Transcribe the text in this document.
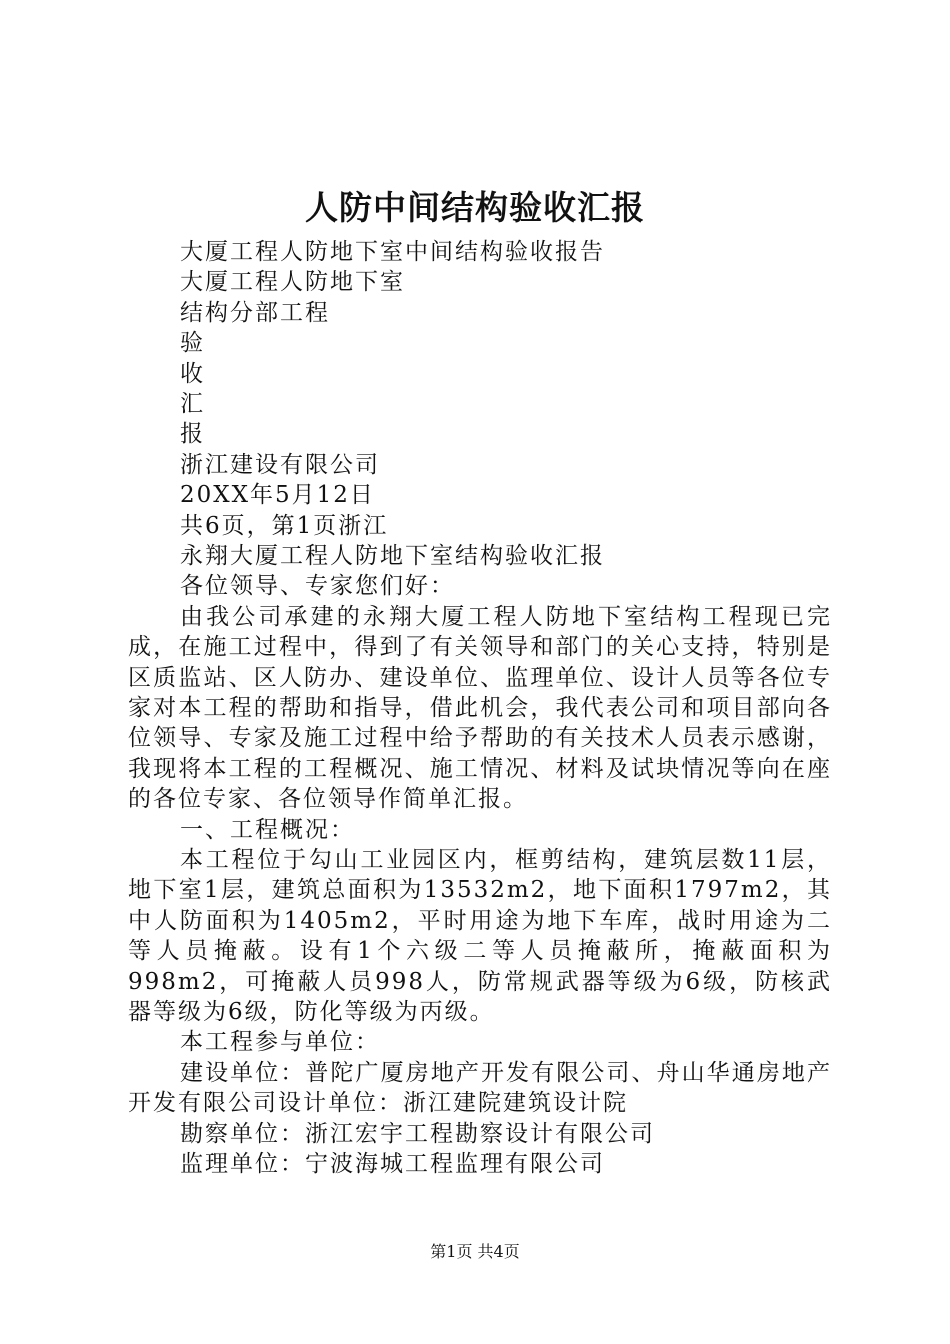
人防中间结构验收汇报
大厦工程人防地下室中间结构验收报告
大厦工程人防地下室
结构分部工程
验
收
汇
报
浙江建设有限公司
20XX年5月12日
共6页，第1页浙江
永翔大厦工程人防地下室结构验收汇报
各位领导、专家您们好：
由我公司承建的永翔大厦工程人防地下室结构工程现已完成，在施工过程中，得到了有关领导和部门的关心支持，特别是区质监站、区人防办、建设单位、监理单位、设计人员等各位专家对本工程的帮助和指导，借此机会，我代表公司和项目部向各位领导、专家及施工过程中给予帮助的有关技术人员表示感谢，我现将本工程的工程概况、施工情况、材料及试块情况等向在座的各位专家、各位领导作简单汇报。
一、工程概况：
本工程位于勾山工业园区内，框剪结构，建筑层数11层，地下室1层，建筑总面积为13532m2，地下面积1797m2，其中人防面积为1405m2，平时用途为地下车库，战时用途为二等人员掩蔽。设有1个六级二等人员掩蔽所，掩蔽面积为998m2，可掩蔽人员998人，防常规武器等级为6级，防核武器等级为6级，防化等级为丙级。
本工程参与单位：
建设单位：普陀广厦房地产开发有限公司、舟山华通房地产开发有限公司设计单位：浙江建院建筑设计院
勘察单位：浙江宏宇工程勘察设计有限公司
监理单位：宁波海城工程监理有限公司
第1页 共4页
